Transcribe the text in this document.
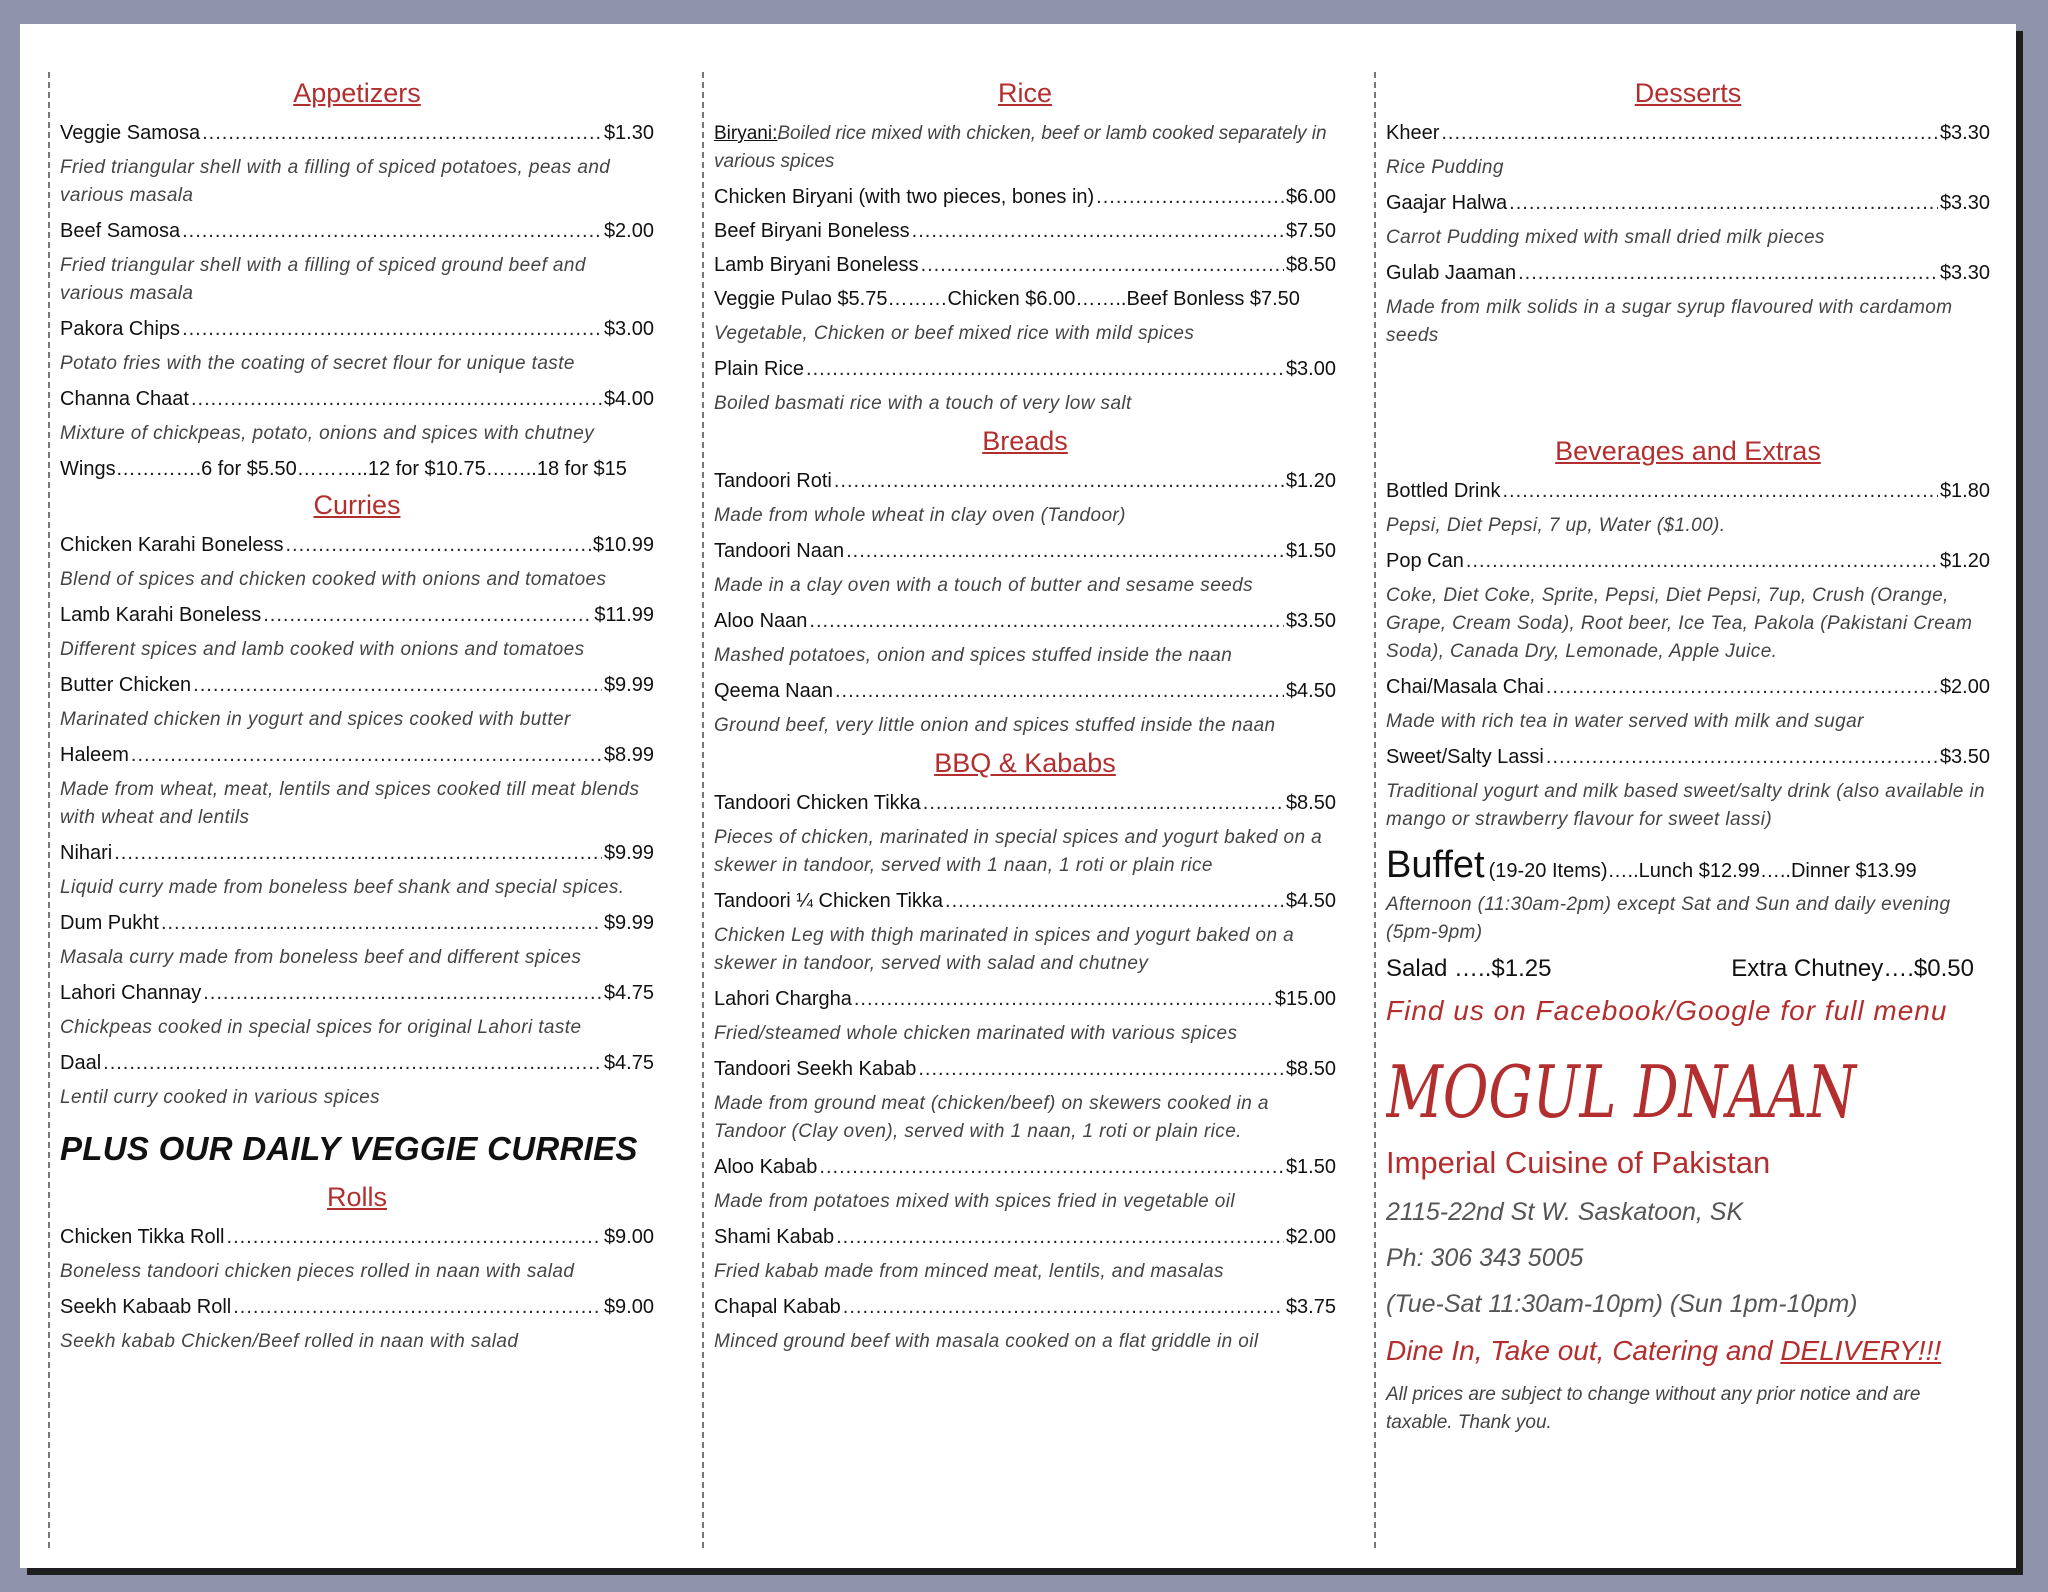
Appetizers
Veggie Samosa .....	$1.30
Fried triangular shell with a filling of spiced potatoes, peas and various masala
Beef Samosa .....	$2.00
Fried triangular shell with a filling of spiced ground beef and various masala
Pakora Chips .....	$3.00
Potato fries with the coating of secret flour for unique taste
Channa Chaat .....	$4.00
Mixture of chickpeas, potato, onions and spices with chutney
Wings………….6 for $5.50………..12 for $10.75……..18 for $15
Curries
Chicken Karahi Boneless .....	$10.99
Blend of spices and chicken cooked with onions and tomatoes
Lamb Karahi Boneless .....	$11.99
Different spices and lamb cooked with onions and tomatoes
Butter Chicken .....	$9.99
Marinated chicken in yogurt and spices cooked with butter
Haleem .....	$8.99
Made from wheat, meat, lentils and spices cooked till meat blends with wheat and lentils
Nihari .....	$9.99
Liquid curry made from boneless beef shank and special spices.
Dum Pukht .....	$9.99
Masala curry made from boneless beef and different spices
Lahori Channay .....	$4.75
Chickpeas cooked in special spices for original Lahori taste
Daal .....	$4.75
Lentil curry cooked in various spices
PLUS OUR DAILY VEGGIE CURRIES
Rolls
Chicken Tikka Roll .....	$9.00
Boneless tandoori chicken pieces rolled in naan with salad
Seekh Kabaab Roll .....	$9.00
Seekh kabab Chicken/Beef rolled in naan with salad
Rice
Biryani:Boiled rice mixed with chicken, beef or lamb cooked separately in various spices
Chicken Biryani (with two pieces, bones in) .....	$6.00
Beef Biryani Boneless .....	$7.50
Lamb Biryani Boneless .....	$8.50
Veggie Pulao $5.75………Chicken $6.00……..Beef Bonless $7.50
Vegetable, Chicken or beef mixed rice with mild spices
Plain Rice .....	$3.00
Boiled basmati rice with a touch of very low salt
Breads
Tandoori Roti .....	$1.20
Made from whole wheat in clay oven (Tandoor)
Tandoori Naan .....	$1.50
Made in a clay oven with a touch of butter and sesame seeds
Aloo Naan .....	$3.50
Mashed potatoes, onion and spices stuffed inside the naan
Qeema Naan .....	$4.50
Ground beef, very little onion and spices stuffed inside the naan
BBQ & Kababs
Tandoori Chicken Tikka .....	$8.50
Pieces of chicken, marinated in special spices and yogurt baked on a skewer in tandoor, served with 1 naan, 1 roti or plain rice
Tandoori ¼ Chicken Tikka .....	$4.50
Chicken Leg with thigh marinated in spices and yogurt baked on a skewer in tandoor, served with salad and chutney
Lahori Chargha .....	$15.00
Fried/steamed whole chicken marinated with various spices
Tandoori Seekh Kabab .....	$8.50
Made from ground meat (chicken/beef) on skewers cooked in a Tandoor (Clay oven), served with 1 naan, 1 roti or plain rice.
Aloo Kabab .....	$1.50
Made from potatoes mixed with spices fried in vegetable oil
Shami Kabab .....	$2.00
Fried kabab made from minced meat, lentils, and masalas
Chapal Kabab .....	$3.75
Minced ground beef with masala cooked on a flat griddle in oil
Desserts
Kheer .....	$3.30
Rice Pudding
Gaajar Halwa .....	$3.30
Carrot Pudding mixed with small dried milk pieces
Gulab Jaaman .....	$3.30
Made from milk solids in a sugar syrup flavoured with cardamom seeds
Beverages and Extras
Bottled Drink .....	$1.80
Pepsi, Diet Pepsi, 7 up, Water ($1.00).
Pop Can .....	$1.20
Coke, Diet Coke, Sprite, Pepsi, Diet Pepsi, 7up, Crush (Orange, Grape, Cream Soda), Root beer, Ice Tea, Pakola (Pakistani Cream Soda), Canada Dry, Lemonade, Apple Juice.
Chai/Masala Chai .....	$2.00
Made with rich tea in water served with milk and sugar
Sweet/Salty Lassi .....	$3.50
Traditional yogurt and milk based sweet/salty drink (also available in mango or strawberry flavour for sweet lassi)
Buffet (19-20 Items)…..Lunch $12.99…..Dinner $13.99
Afternoon (11:30am-2pm) except Sat and Sun and daily evening (5pm-9pm)
Salad …..$1.25	Extra Chutney….$0.50
Find us on Facebook/Google for full menu
MOGUL DNAAN
Imperial Cuisine of Pakistan
2115-22nd St W. Saskatoon, SK
Ph: 306 343 5005
(Tue-Sat 11:30am-10pm) (Sun 1pm-10pm)
Dine In, Take out, Catering and DELIVERY!!!
All prices are subject to change without any prior notice and are taxable. Thank you.
